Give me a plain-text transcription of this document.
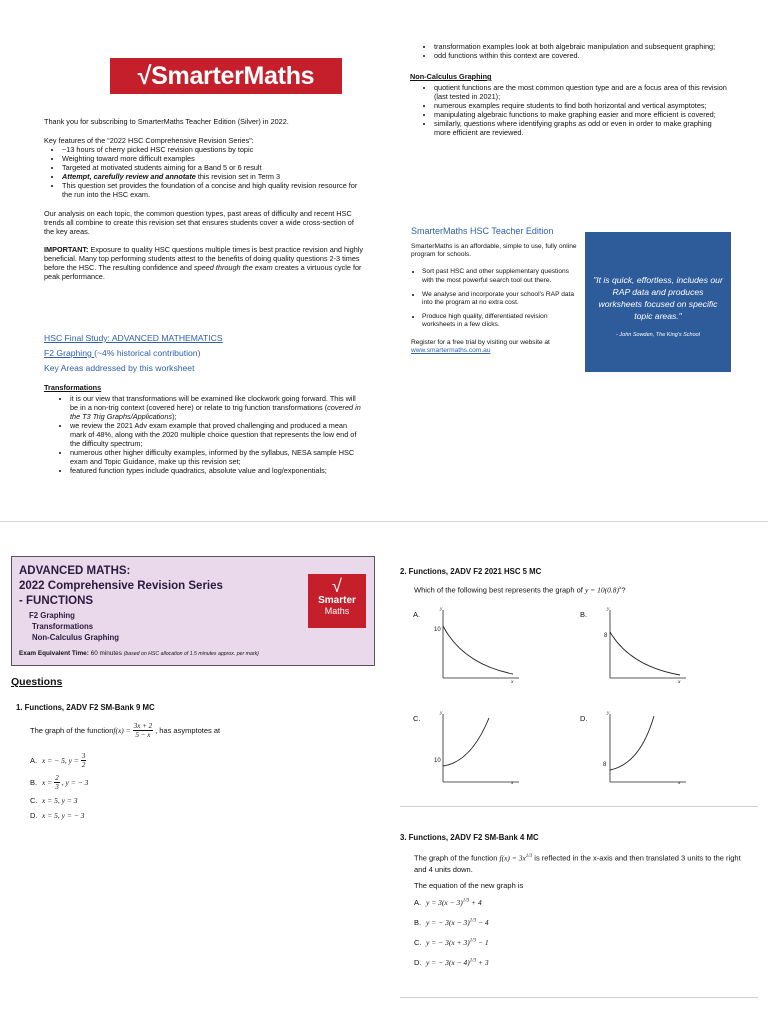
√SmarterMaths
Thank you for subscribing to SmarterMaths Teacher Edition (Silver) in 2022.
Key features of the “2022 HSC Comprehensive Revision Series”:
• ~13 hours of cherry picked HSC revision questions by topic
• Weighting toward more difficult examples
• Targeted at motivated students aiming for a Band 5 or 6 result
• Attempt, carefully review and annotate this revision set in Term 3
• This question set provides the foundation of a concise and high quality revision resource for the run into the HSC exam.
Our analysis on each topic, the common question types, past areas of difficulty and recent HSC trends all combine to create this revision set that ensures students cover a wide cross-section of the key areas.
IMPORTANT: Exposure to quality HSC questions multiple times is best practice revision and highly beneficial. Many top performing students attest to the benefits of doing quality questions 2-3 times before the HSC. The resulting confidence and speed through the exam creates a virtuous cycle for peak performance.
HSC Final Study: ADVANCED MATHEMATICS
F2 Graphing (~4% historical contribution)
Key Areas addressed by this worksheet
Transformations
• it is our view that transformations will be examined like clockwork going forward. This will be in a non-trig context (covered here) or relate to trig function transformations (covered in the T3 Trig Graphs/Applications);
• we review the 2021 Adv exam example that proved challenging and produced a mean mark of 48%, along with the 2020 multiple choice question that represents the low end of the difficulty spectrum;
• numerous other higher difficulty examples, informed by the syllabus, NESA sample HSC exam and Topic Guidance, make up this revision set;
• featured function types include quadratics, absolute value and log/exponentials;
• transformation examples look at both algebraic manipulation and subsequent graphing;
• odd functions within this context are covered.
Non-Calculus Graphing
• quotient functions are the most common question type and are a focus area of this revision (last tested in 2021);
• numerous examples require students to find both horizontal and vertical asymptotes;
• manipulating algebraic functions to make graphing easier and more efficient is covered;
• similarly, questions where identifying graphs as odd or even in order to make graphing more efficient are reviewed.
SmarterMaths HSC Teacher Edition
SmarterMaths is an affordable, simple to use, fully online program for schools.
• Sort past HSC and other supplementary questions with the most powerful search tool out there.
• We analyse and incorporate your school's RAP data into the program at no extra cost.
• Produce high quality, differentiated revision worksheets in a few clicks.
Register for a free trial by visiting our website at
www.smartermaths.com.au
"It is quick, effortless, includes our RAP data and produces worksheets focused on specific topic areas."
- John Sowden, The King's School
ADVANCED MATHS:
2022 Comprehensive Revision Series
- FUNCTIONS
F2 Graphing
Transformations
Non-Calculus Graphing
Exam Equivalent Time: 60 minutes (based on HSC allocation of 1.5 minutes approx. per mark)
√
Smarter
Maths
Questions
1. Functions, 2ADV F2 SM-Bank 9 MC
The graph of the function $f(x) = \frac{3x + 2}{5 - x}$ , has asymptotes at
A. x = − 5, $y = \frac{3}{2}$
B. $x = \frac{2}{3}$ , y = − 3
C. x = 5, y = 3
D. x = 5, y = − 3
2. Functions, 2ADV F2 2021 HSC 5 MC
Which of the following best represents the graph of $y = 10(0.8)^x$?
A.
y
x
10
B.
y
x
8
C.
y
x
10
D.
y
x
8
3. Functions, 2ADV F2 SM-Bank 4 MC
The graph of the function $f(x) = 3x^{1/3}$ is reflected in the x-axis and then translated 3 units to the right and 4 units down.
The equation of the new graph is
A. $y = 3(x - 3)^{1/3} + 4$
B. y = − $3(x - 3)^{1/3} - 4$
C. y = − $3(x + 3)^{1/3} - 1$
D. y = − $3(x - 4)^{1/3} + 3$
